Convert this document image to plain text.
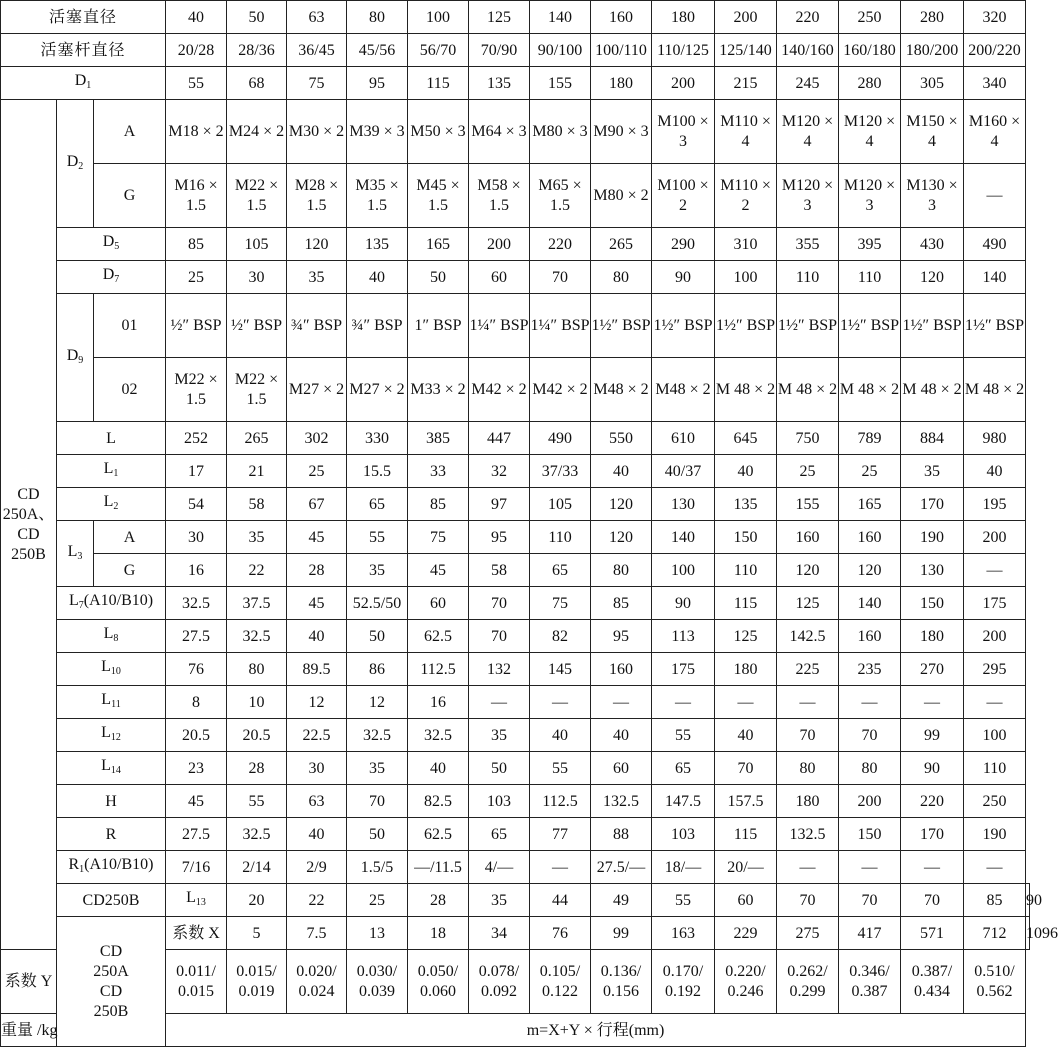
活塞直径			40	50	63	80	100	125	140	160	180	200	220	250	280	320	
活塞杆直径			20/28	28/36	36/45	45/56	56/70	70/90	90/100	100/110	110/125	125/140	140/160	160/180	180/200	200/220	
$D_1$			55	68	75	95	115	135	155	180	200	215	245	280	305	340	
CD
250A、
CD
250B	$D_2$	A	M18 × 2	M24 × 2	M30 × 2	M39 × 3	M50 × 3	M64 × 3	M80 × 3	M90 × 3	M100 × 3	M110 × 4	M120 × 4	M120 × 4	M150 × 4	M160 × 4	
		G	M16 × 1.5	M22 × 1.5	M28 × 1.5	M35 × 1.5	M45 × 1.5	M58 × 1.5	M65 × 1.5	M80 × 2	M100 × 2	M110 × 2	M120 × 3	M120 × 3	M130 × 3	—	
	$D_5$		85	105	120	135	165	200	220	265	290	310	355	395	430	490	
	$D_7$		25	30	35	40	50	60	70	80	90	100	110	110	120	140	
	$D_9$	01	½″ BSP	½″ BSP	¾″ BSP	¾″ BSP	1″ BSP	1¼″ BSP	1¼″ BSP	1½″ BSP	1½″ BSP	1½″ BSP	1½″ BSP	1½″ BSP	1½″ BSP	1½″ BSP	
		02	M22 × 1.5	M22 × 1.5	M27 × 2	M27 × 2	M33 × 2	M42 × 2	M42 × 2	M48 × 2	M48 × 2	M 48 × 2	M 48 × 2	M 48 × 2	M 48 × 2	M 48 × 2	
	L		252	265	302	330	385	447	490	550	610	645	750	789	884	980	
	$L_1$		17	21	25	15.5	33	32	37/33	40	40/37	40	25	25	35	40	
	$L_2$		54	58	67	65	85	97	105	120	130	135	155	165	170	195	
	$L_3$	A	30	35	45	55	75	95	110	120	140	150	160	160	190	200	
		G	16	22	28	35	45	58	65	80	100	110	120	120	130	—	
	$L_7(A10/B10)$		32.5	37.5	45	52.5/50	60	70	75	85	90	115	125	140	150	175	
	$L_8$		27.5	32.5	40	50	62.5	70	82	95	113	125	142.5	160	180	200	
	$L_{10}$		76	80	89.5	86	112.5	132	145	160	175	180	225	235	270	295	
	$L_{11}$		8	10	12	12	16	—	—	—	—	—	—	—	—	—	
	$L_{12}$		20.5	20.5	22.5	32.5	32.5	35	40	40	55	40	70	70	99	100	
	$L_{14}$		23	28	30	35	40	50	55	60	65	70	80	80	90	110	
	H		45	55	63	70	82.5	103	112.5	132.5	147.5	157.5	180	200	220	250	
	R		27.5	32.5	40	50	62.5	65	77	88	103	115	132.5	150	170	190	
	$R_1(A10/B10)$		7/16	2/14	2/9	1.5/5	—/11.5	4/—	—	27.5/—	18/—	20/—	—	—	—	—	
	CD250B		$L_{13}$	20	22	25	28	35	44	49	55	60	70	70	70	85	90
	CD
250A
CD
250B		系数 X	5	7.5	13	18	34	76	99	163	229	275	417	571	712	1096
系数 Y			0.011/ 0.015	0.015/ 0.019	0.020/ 0.024	0.030/ 0.039	0.050/ 0.060	0.078/ 0.092	0.105/ 0.122	0.136/ 0.156	0.170/ 0.192	0.220/ 0.246	0.262/ 0.299	0.346/ 0.387	0.387/ 0.434	0.510/ 0.562	
重量 /kg			m=X+Y × 行程(mm)														
